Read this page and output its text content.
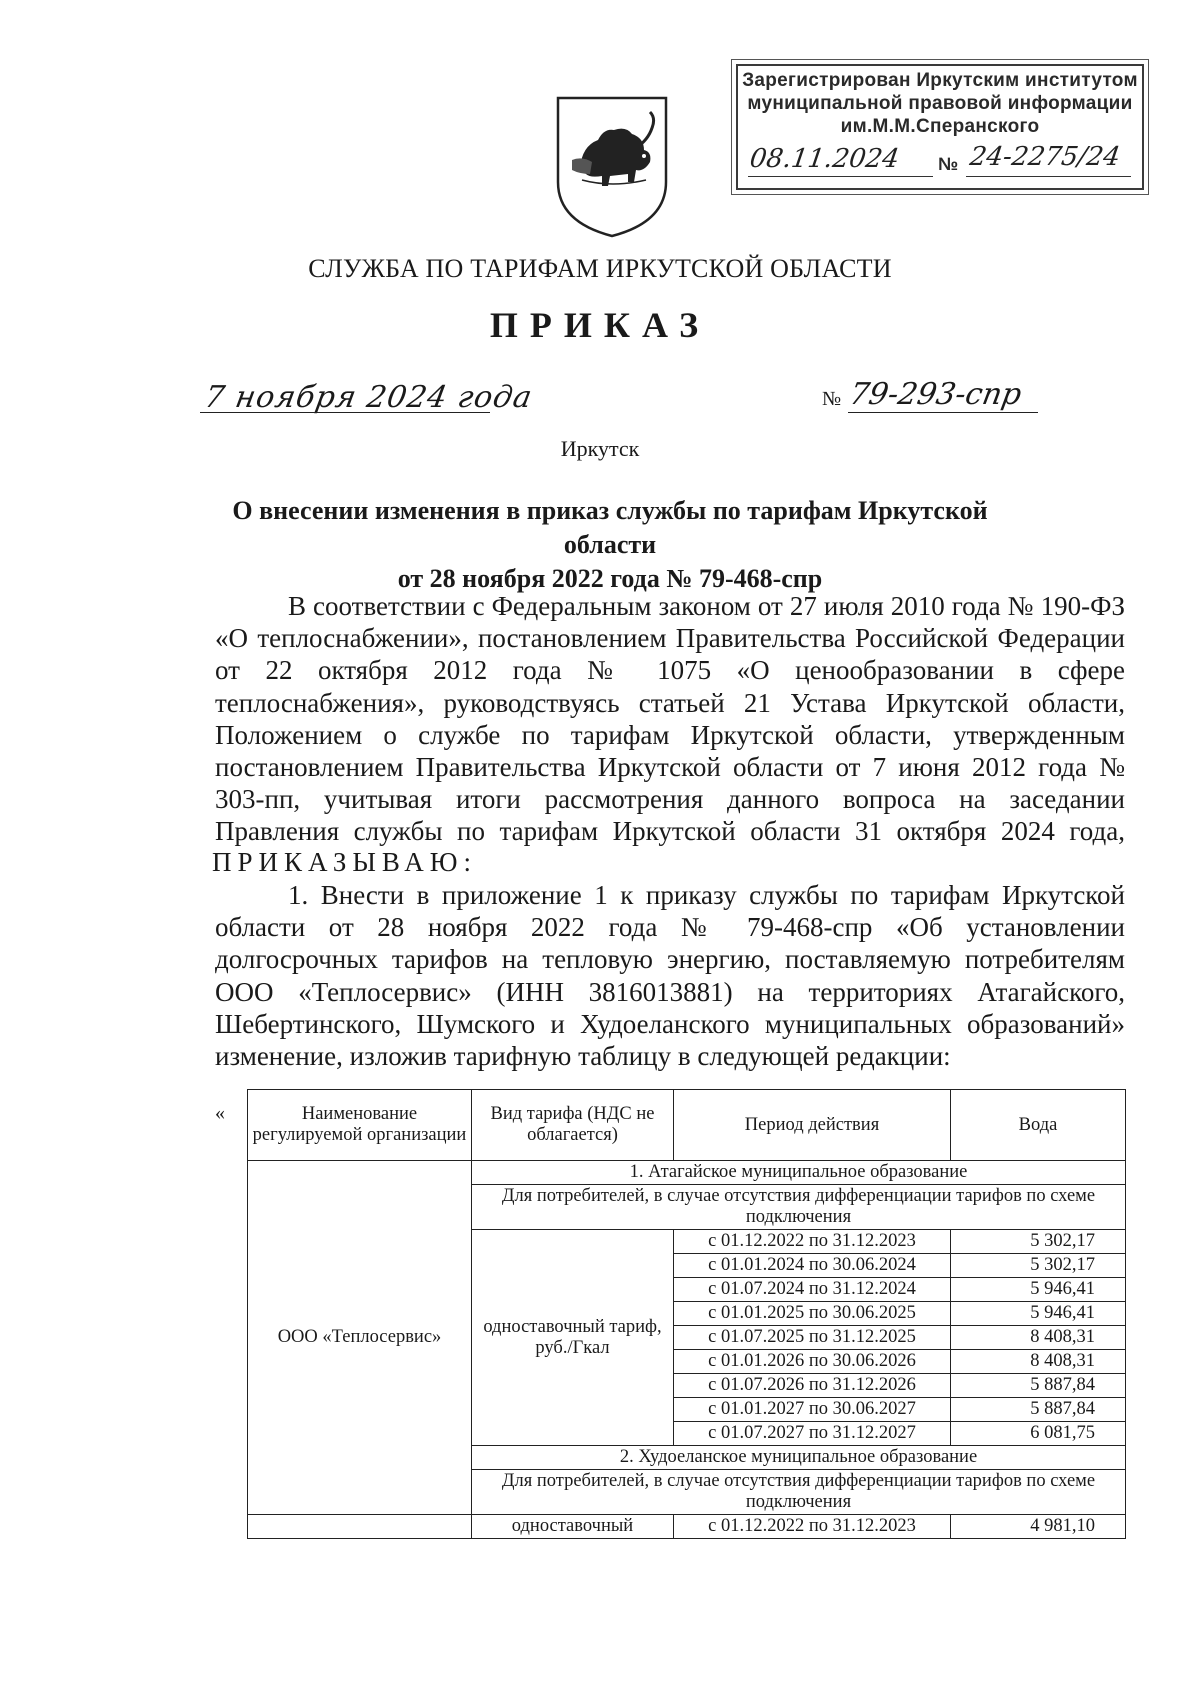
Зарегистрирован Иркутским институтом
муниципальной правовой информации
им.М.М.Сперанского
08.11.2024 № 24-2275/24
СЛУЖБА ПО ТАРИФАМ ИРКУТСКОЙ ОБЛАСТИ
ПРИКАЗ
7 ноября 2024 года	№ 79-293-спр
Иркутск
О внесении изменения в приказ службы по тарифам Иркутской области
от 28 ноября 2022 года № 79-468-спр
В соответствии с Федеральным законом от 27 июля 2010 года № 190-ФЗ «О теплоснабжении», постановлением Правительства Российской Федерации от 22 октября 2012 года № 1075 «О ценообразовании в сфере теплоснабжения», руководствуясь статьей 21 Устава Иркутской области, Положением о службе по тарифам Иркутской области, утвержденным постановлением Правительства Иркутской области от 7 июня 2012 года № 303-пп, учитывая итоги рассмотрения данного вопроса на заседании Правления службы по тарифам Иркутской области 31 октября 2024 года,
ПРИКАЗЫВАЮ:
1. Внести в приложение 1 к приказу службы по тарифам Иркутской области от 28 ноября 2022 года № 79-468-спр «Об установлении долгосрочных тарифов на тепловую энергию, поставляемую потребителям ООО «Теплосервис» (ИНН 3816013881) на территориях Атагайского, Шебертинского, Шумского и Худоеланского муниципальных образований» изменение, изложив тарифную таблицу в следующей редакции:
«	Наименование регулируемой организации	Вид тарифа (НДС не облагается)	Период действия	Вода
ООО «Теплосервис»	1. Атагайское муниципальное образование		
	Для потребителей, в случае отсутствия дифференциации тарифов по схеме подключения		
	одноставочный тариф, руб./Гкал	с 01.12.2022 по 31.12.2023	5 302,17
		с 01.01.2024 по 30.06.2024	5 302,17
		с 01.07.2024 по 31.12.2024	5 946,41
		с 01.01.2025 по 30.06.2025	5 946,41
		с 01.07.2025 по 31.12.2025	8 408,31
		с 01.01.2026 по 30.06.2026	8 408,31
		с 01.07.2026 по 31.12.2026	5 887,84
		с 01.01.2027 по 30.06.2027	5 887,84
		с 01.07.2027 по 31.12.2027	6 081,75
	2. Худоеланское муниципальное образование		
	Для потребителей, в случае отсутствия дифференциации тарифов по схеме подключения		
	одноставочный	с 01.12.2022 по 31.12.2023	4 981,10
